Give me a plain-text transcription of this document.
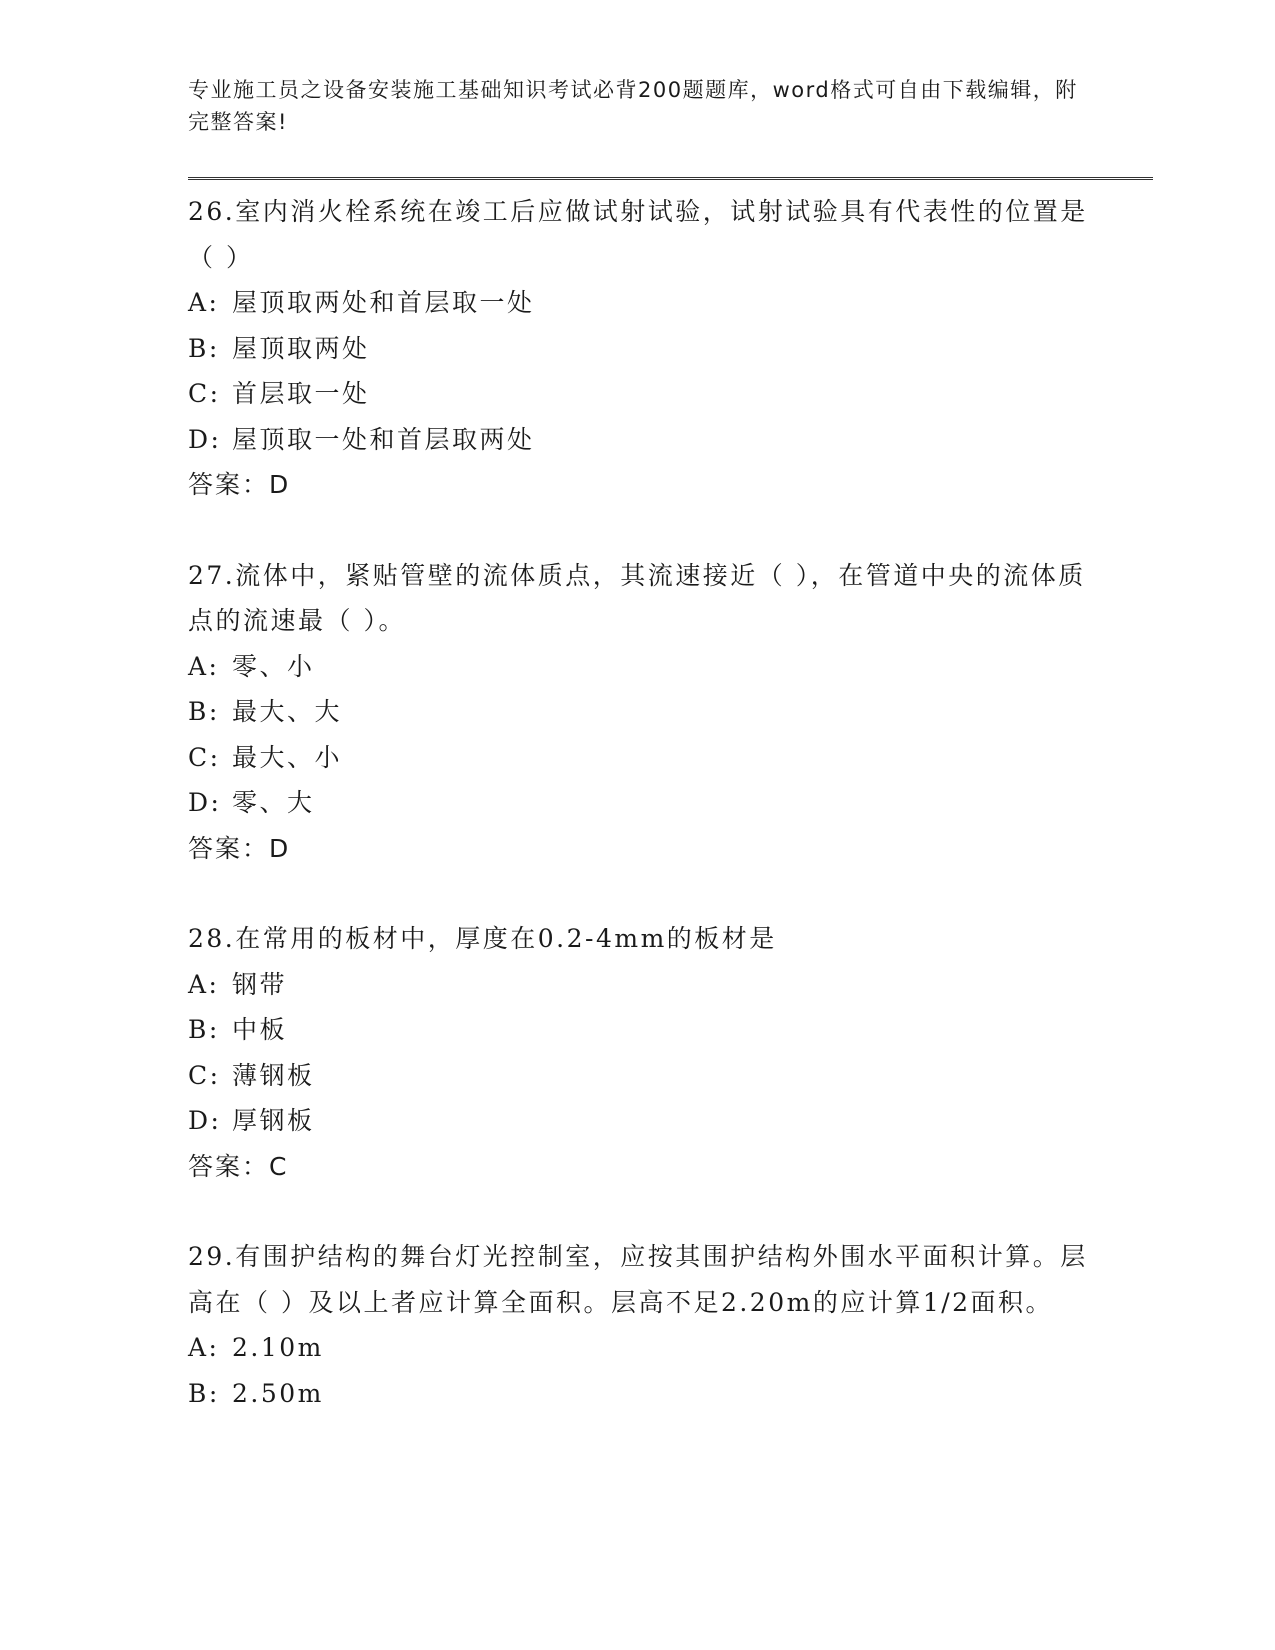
专业施工员之设备安装施工基础知识考试必背200题题库，word格式可自由下载编辑，附完整答案!
26.室内消火栓系统在竣工后应做试射试验，试射试验具有代表性的位置是（ ）
A: 屋顶取两处和首层取一处
B: 屋顶取两处
C: 首层取一处
D: 屋顶取一处和首层取两处
答案：D
27.流体中，紧贴管壁的流体质点，其流速接近（ ），在管道中央的流体质点的流速最（ ）。
A: 零、小
B: 最大、大
C: 最大、小
D: 零、大
答案：D
28.在常用的板材中，厚度在0.2-4mm的板材是
A: 钢带
B: 中板
C: 薄钢板
D: 厚钢板
答案：C
29.有围护结构的舞台灯光控制室，应按其围护结构外围水平面积计算。层高在（ ）及以上者应计算全面积。层高不足2.20m的应计算1/2面积。
A: 2.10m
B: 2.50m
